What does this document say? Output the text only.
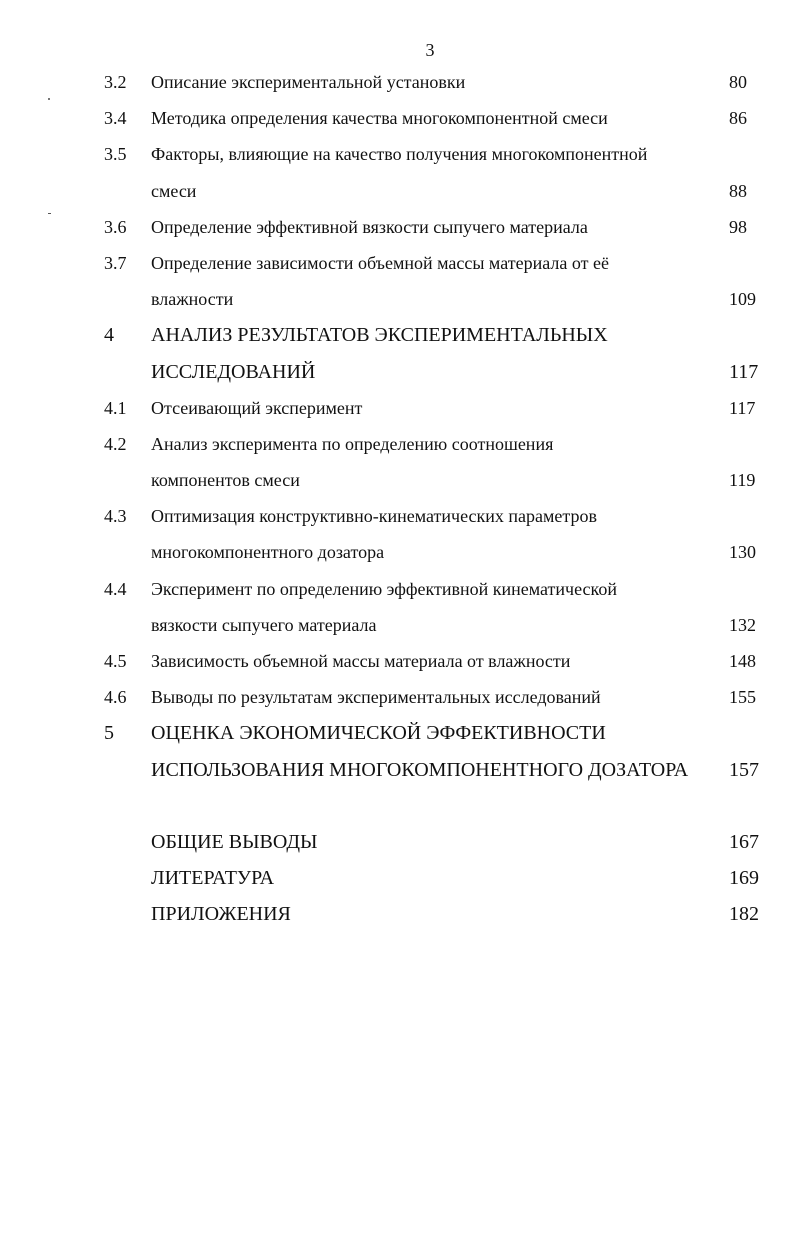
3
3.2 Описание экспериментальной установки	80
3.4 Методика определения качества многокомпонентной смеси	86
3.5 Факторы, влияющие на качество получения многокомпонентной
смеси	88
3.6 Определение эффективной вязкости сыпучего материала	98
3.7 Определение зависимости объемной массы материала от её
влажности	109
4 АНАЛИЗ РЕЗУЛЬТАТОВ ЭКСПЕРИМЕНТАЛЬНЫХ
ИССЛЕДОВАНИЙ	117
4.1 Отсеивающий эксперимент	117
4.2 Анализ эксперимента по определению соотношения
компонентов смеси	119
4.3 Оптимизация конструктивно-кинематических параметров
многокомпонентного дозатора	130
4.4 Эксперимент по определению эффективной кинематической
вязкости сыпучего материала	132
4.5 Зависимость объемной массы материала от влажности	148
4.6 Выводы по результатам экспериментальных исследований	155
5 ОЦЕНКА ЭКОНОМИЧЕСКОЙ ЭФФЕКТИВНОСТИ
ИСПОЛЬЗОВАНИЯ МНОГОКОМПОНЕНТНОГО ДОЗАТОРА 157
ОБЩИЕ ВЫВОДЫ	167
ЛИТЕРАТУРА	169
ПРИЛОЖЕНИЯ	182
